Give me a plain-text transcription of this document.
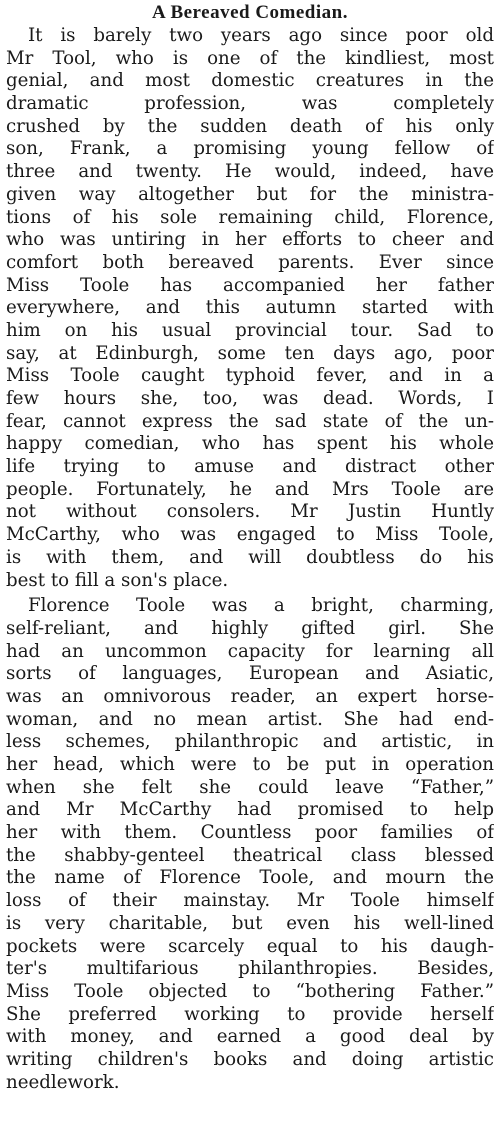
A Bereaved Comedian.
It is barely two years ago since poor old
Mr Tool, who is one of the kindliest, most
genial, and most domestic creatures in the
dramatic profession, was completely
crushed by the sudden death of his only
son, Frank, a promising young fellow of
three and twenty. He would, indeed, have
given way altogether but for the ministra-
tions of his sole remaining child, Florence,
who was untiring in her efforts to cheer and
comfort both bereaved parents. Ever since
Miss Toole has accompanied her father
everywhere, and this autumn started with
him on his usual provincial tour. Sad to
say, at Edinburgh, some ten days ago, poor
Miss Toole caught typhoid fever, and in a
few hours she, too, was dead. Words, I
fear, cannot express the sad state of the un-
happy comedian, who has spent his whole
life trying to amuse and distract other
people. Fortunately, he and Mrs Toole are
not without consolers. Mr Justin Huntly
McCarthy, who was engaged to Miss Toole,
is with them, and will doubtless do his
best to fill a son's place.
Florence Toole was a bright, charming,
self-reliant, and highly gifted girl. She
had an uncommon capacity for learning all
sorts of languages, European and Asiatic,
was an omnivorous reader, an expert horse-
woman, and no mean artist. She had end-
less schemes, philanthropic and artistic, in
her head, which were to be put in operation
when she felt she could leave “Father,”
and Mr McCarthy had promised to help
her with them. Countless poor families of
the shabby-genteel theatrical class blessed
the name of Florence Toole, and mourn the
loss of their mainstay. Mr Toole himself
is very charitable, but even his well-lined
pockets were scarcely equal to his daugh-
ter's multifarious philanthropies. Besides,
Miss Toole objected to “bothering Father.”
She preferred working to provide herself
with money, and earned a good deal by
writing children's books and doing artistic
needlework.
